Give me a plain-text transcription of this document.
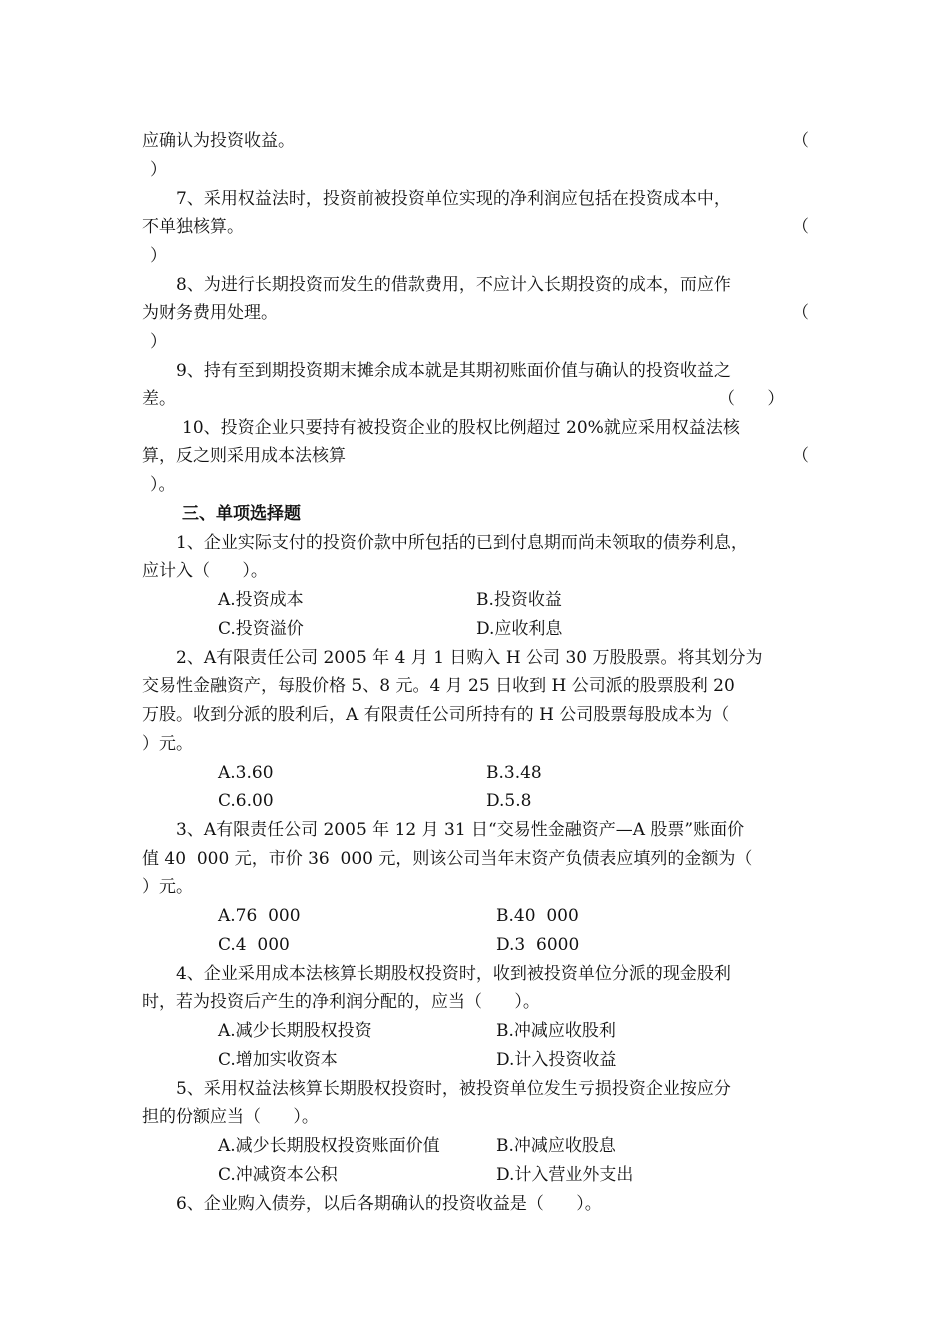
应确认为投资收益。	（
）
7、采用权益法时，投资前被投资单位实现的净利润应包括在投资成本中，
不单独核算。	（
）
8、为进行长期投资而发生的借款费用，不应计入长期投资的成本，而应作
为财务费用处理。	（
）
9、持有至到期投资期末摊余成本就是其期初账面价值与确认的投资收益之
差。	（      ）
10、投资企业只要持有被投资企业的股权比例超过 20%就应采用权益法核
算，反之则采用成本法核算	（
）。
三、单项选择题
1、企业实际支付的投资价款中所包括的已到付息期而尚未领取的债券利息，
应计入（      ）。
A.投资成本	B.投资收益
C.投资溢价	D.应收利息
2、A有限责任公司 2005 年 4 月 1 日购入 H 公司 30 万股股票。将其划分为
交易性金融资产，每股价格 5、8 元。4 月 25 日收到 H 公司派的股票股利 20
万股。收到分派的股利后，A 有限责任公司所持有的 H 公司股票每股成本为（
）元。
A.3.60	B.3.48
C.6.00	D.5.8
3、A有限责任公司 2005 年 12 月 31 日“交易性金融资产—A 股票”账面价
值 40  000 元，市价 36  000 元，则该公司当年末资产负债表应填列的金额为（
）元。
A.76  000	B.40  000
C.4  000	D.3  6000
4、企业采用成本法核算长期股权投资时，收到被投资单位分派的现金股利
时，若为投资后产生的净利润分配的，应当（      ）。
A.减少长期股权投资	B.冲减应收股利
C.增加实收资本	D.计入投资收益
5、采用权益法核算长期股权投资时，被投资单位发生亏损投资企业按应分
担的份额应当（      ）。
A.减少长期股权投资账面价值	B.冲减应收股息
C.冲减资本公积	D.计入营业外支出
6、企业购入债券，以后各期确认的投资收益是（      ）。
